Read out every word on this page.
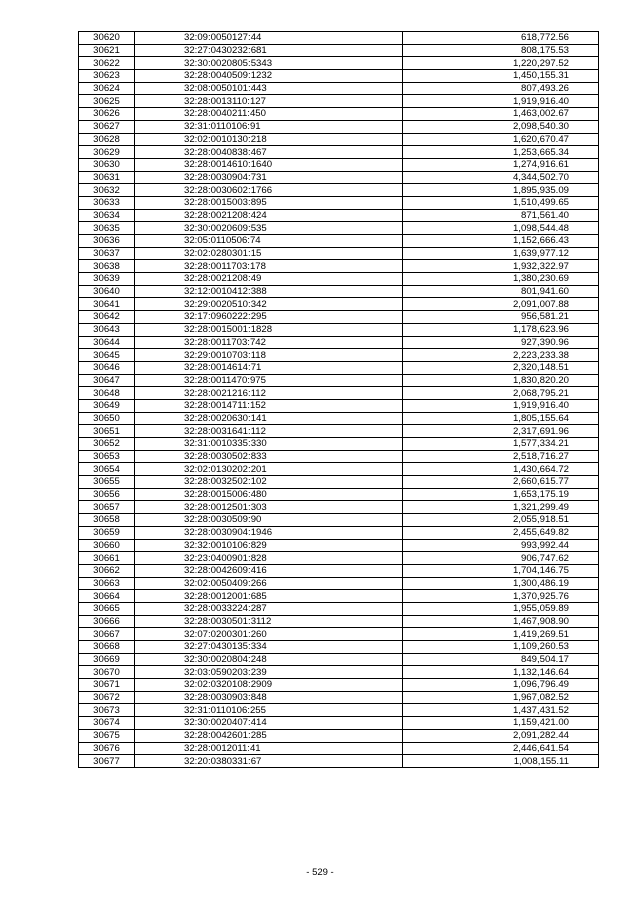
30620	32:09:0050127:44	618,772.56
30621	32:27:0430232:681	808,175.53
30622	32:30:0020805:5343	1,220,297.52
30623	32:28:0040509:1232	1,450,155.31
30624	32:08:0050101:443	807,493.26
30625	32:28:0013110:127	1,919,916.40
30626	32:28:0040211:450	1,463,002.67
30627	32:31:0110106:91	2,098,540.30
30628	32:02:0010130:218	1,620,670.47
30629	32:28:0040838:467	1,253,665.34
30630	32:28:0014610:1640	1,274,916.61
30631	32:28:0030904:731	4,344,502.70
30632	32:28:0030602:1766	1,895,935.09
30633	32:28:0015003:895	1,510,499.65
30634	32:28:0021208:424	871,561.40
30635	32:30:0020609:535	1,098,544.48
30636	32:05:0110506:74	1,152,666.43
30637	32:02:0280301:15	1,639,977.12
30638	32:28:0011703:178	1,932,322.97
30639	32:28:0021208:49	1,380,230.69
30640	32:12:0010412:388	801,941.60
30641	32:29:0020510:342	2,091,007.88
30642	32:17:0960222:295	956,581.21
30643	32:28:0015001:1828	1,178,623.96
30644	32:28:0011703:742	927,390.96
30645	32:29:0010703:118	2,223,233.38
30646	32:28:0014614:71	2,320,148.51
30647	32:28:0011470:975	1,830,820.20
30648	32:28:0021216:112	2,068,795.21
30649	32:28:0014711:152	1,919,916.40
30650	32:28:0020630:141	1,805,155.64
30651	32:28:0031641:112	2,317,691.96
30652	32:31:0010335:330	1,577,334.21
30653	32:28:0030502:833	2,518,716.27
30654	32:02:0130202:201	1,430,664.72
30655	32:28:0032502:102	2,660,615.77
30656	32:28:0015006:480	1,653,175.19
30657	32:28:0012501:303	1,321,299.49
30658	32:28:0030509:90	2,055,918.51
30659	32:28:0030904:1946	2,455,649.82
30660	32:32:0010106:829	993,992.44
30661	32:23:0400901:828	906,747.62
30662	32:28:0042609:416	1,704,146.75
30663	32:02:0050409:266	1,300,486.19
30664	32:28:0012001:685	1,370,925.76
30665	32:28:0033224:287	1,955,059.89
30666	32:28:0030501:3112	1,467,908.90
30667	32:07:0200301:260	1,419,269.51
30668	32:27:0430135:334	1,109,260.53
30669	32:30:0020804:248	849,504.17
30670	32:03:0590203:239	1,132,146.64
30671	32:02:0320108:2909	1,096,796.49
30672	32:28:0030903:848	1,967,082.52
30673	32:31:0110106:255	1,437,431.52
30674	32:30:0020407:414	1,159,421.00
30675	32:28:0042601:285	2,091,282.44
30676	32:28:0012011:41	2,446,641.54
30677	32:20:0380331:67	1,008,155.11
- 529 -
